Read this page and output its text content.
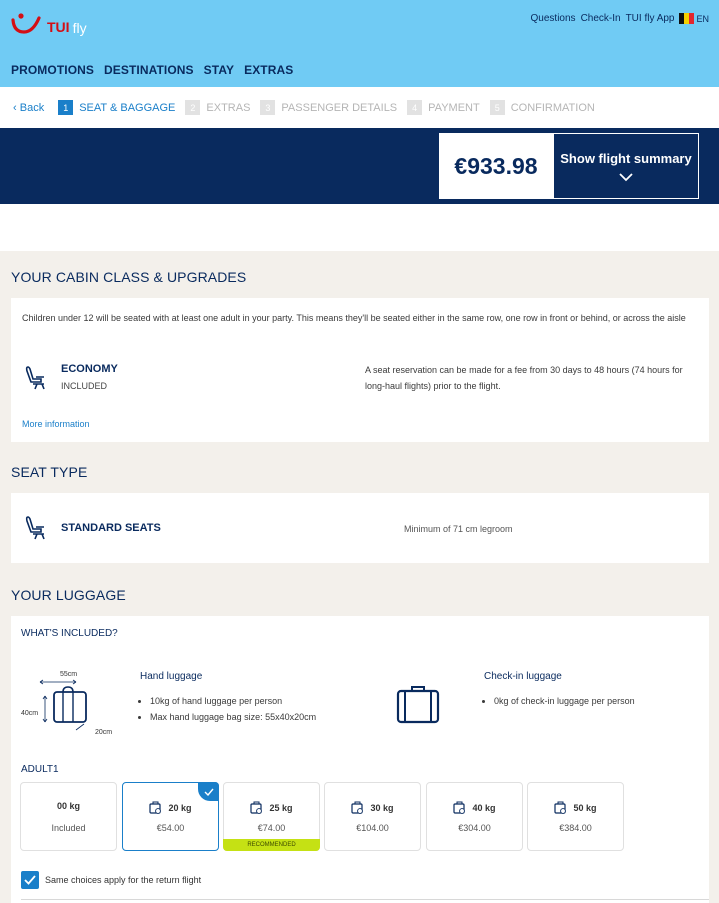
TUI fly
Questions Check-In TUI fly App EN
PROMOTIONS DESTINATIONS STAY EXTRAS
‹ Back	1	SEAT & BAGGAGE	2	EXTRAS	3	PASSENGER DETAILS	4	PAYMENT	5	CONFIRMATION
€933.98	Show flight summary
YOUR CABIN CLASS & UPGRADES
Children under 12 will be seated with at least one adult in your party. This means they'll be seated either in the same row, one row in front or behind, or across the aisle
ECONOMY
INCLUDED
A seat reservation can be made for a fee from 30 days to 48 hours (74 hours for long-haul flights) prior to the flight.
More information
SEAT TYPE
STANDARD SEATS	Minimum of 71 cm legroom
YOUR LUGGAGE
WHAT'S INCLUDED?
55cm
40cm
20cm
Hand luggage
• 10kg of hand luggage per person
• Max hand luggage bag size: 55x40x20cm
Check-in luggage
• 0kg of check-in luggage per person
ADULT1
00 kg
Included
20 kg
€54.00
25 kg
€74.00
RECOMMENDED
30 kg
€104.00
40 kg
€304.00
50 kg
€384.00
Same choices apply for the return flight
